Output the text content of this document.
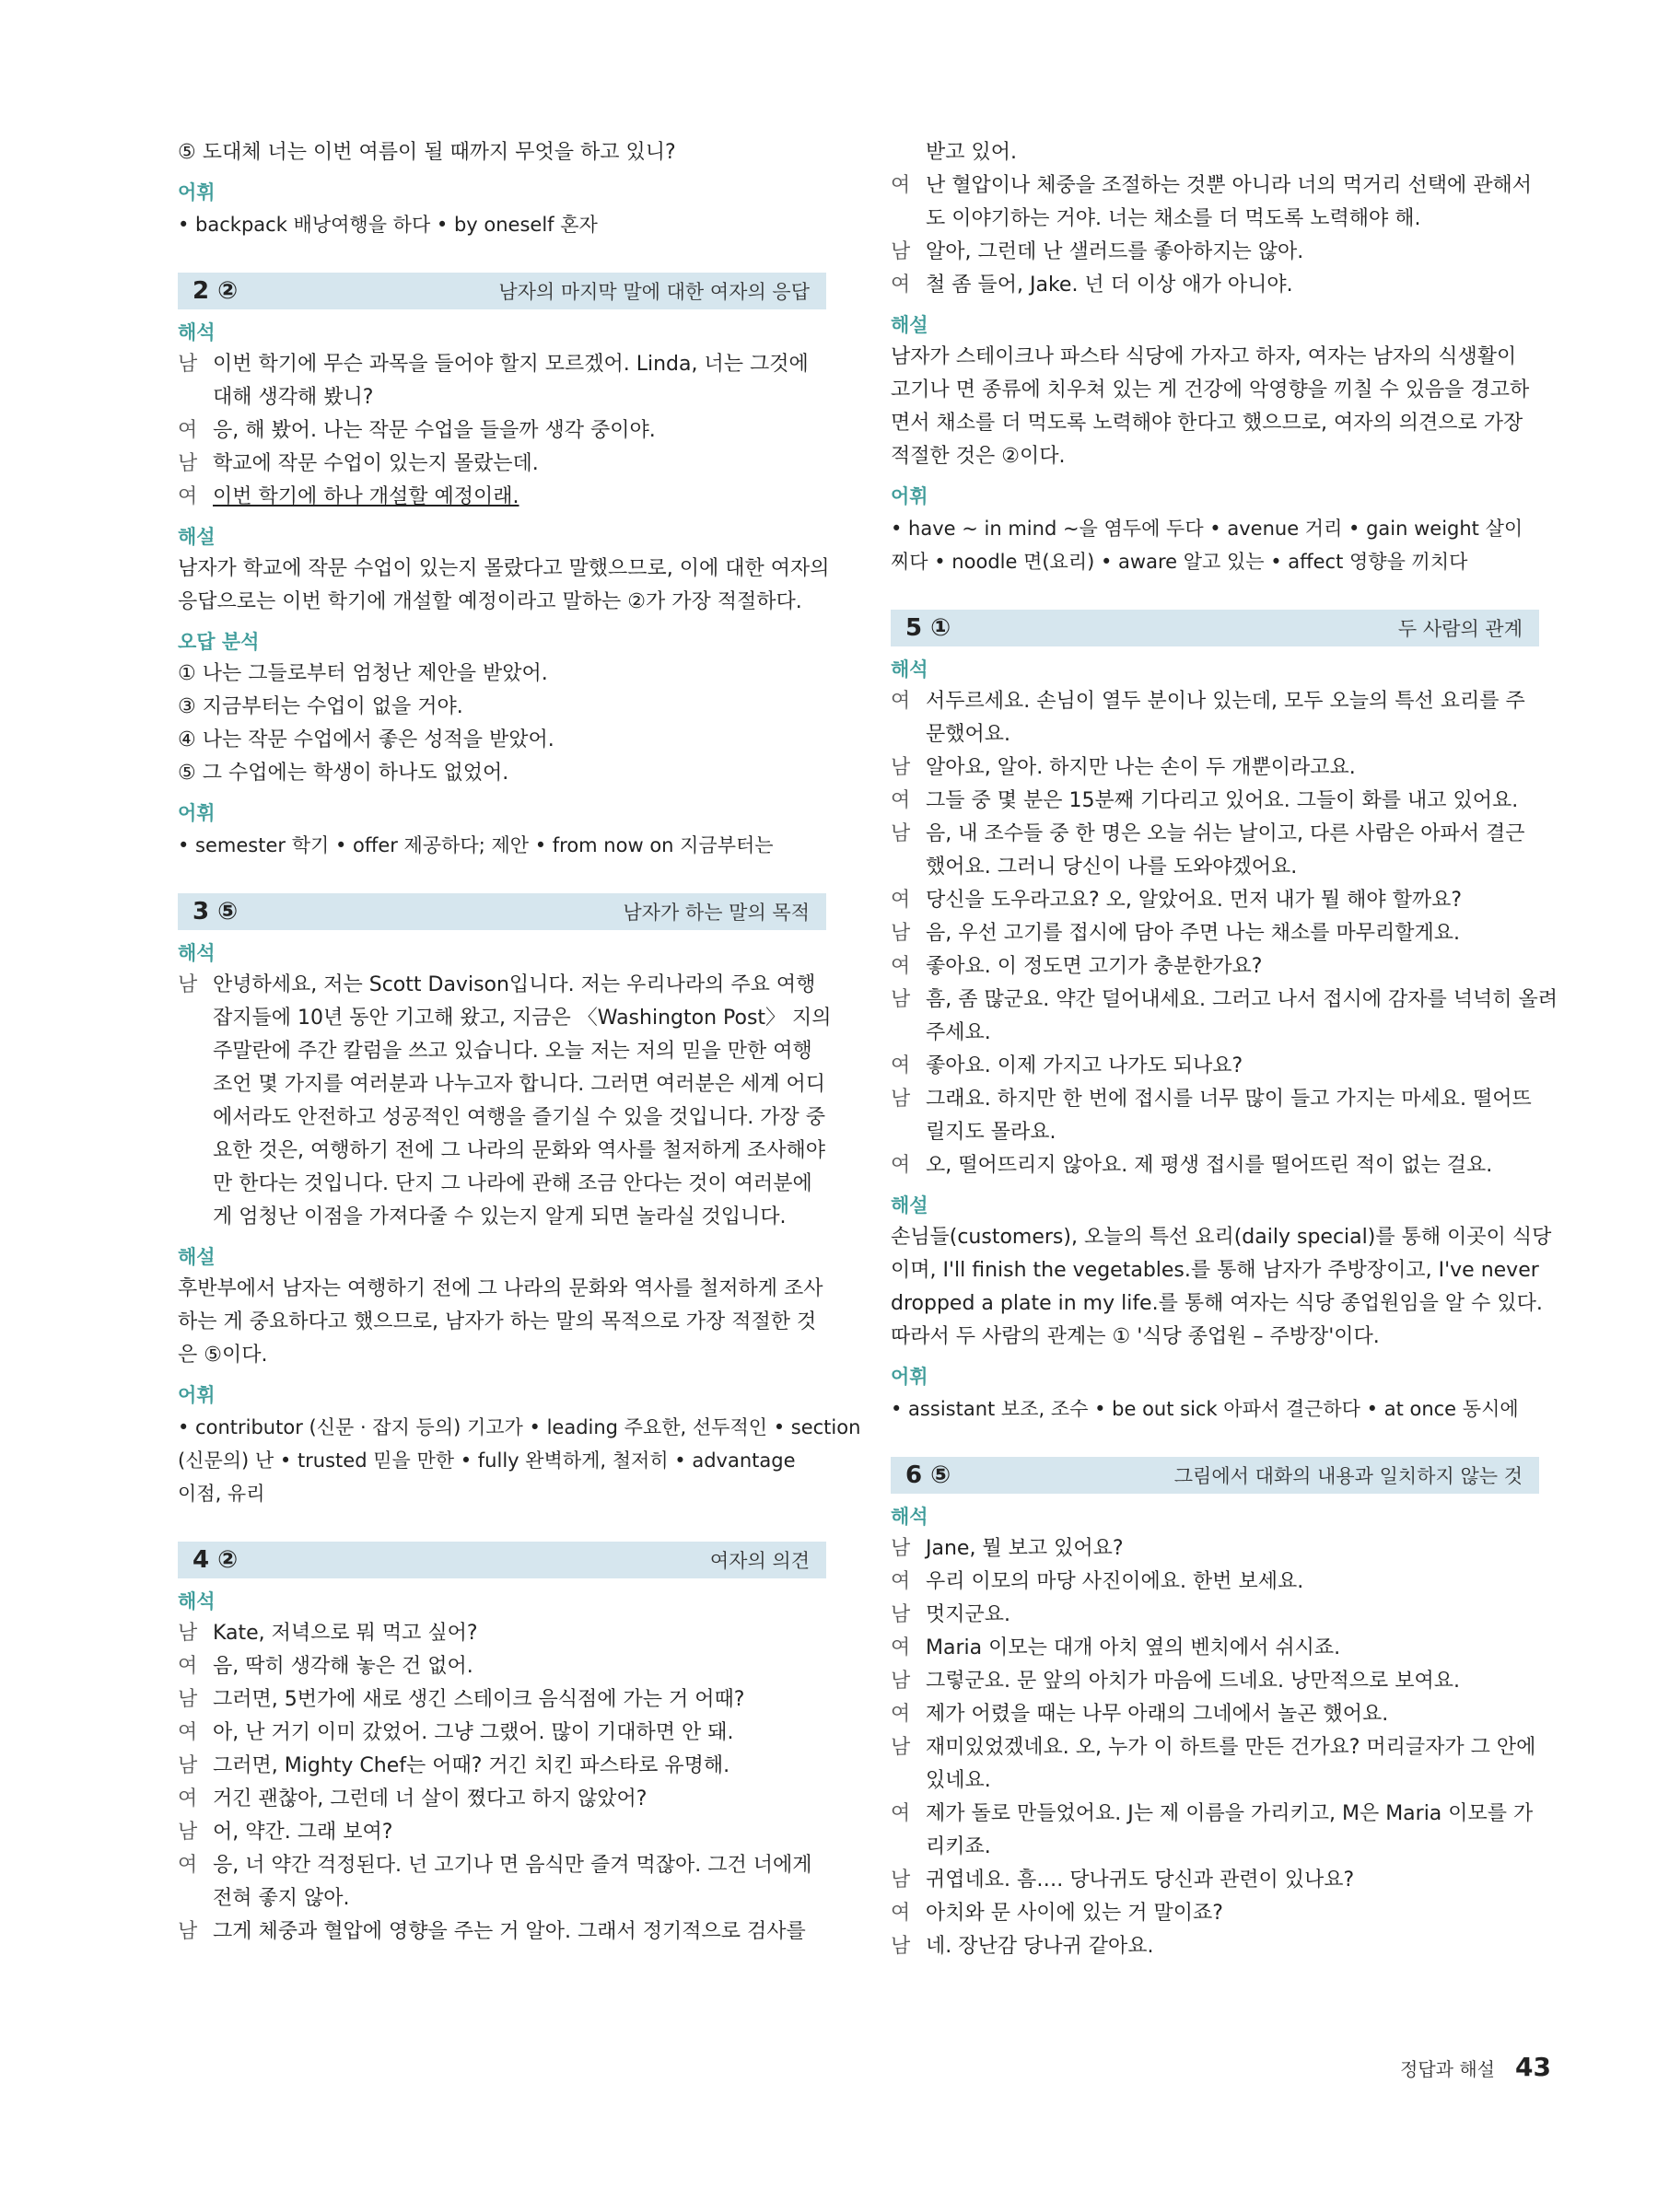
⑤ 도대체 너는 이번 여름이 될 때까지 무엇을 하고 있니?
어휘
• backpack 배낭여행을 하다 • by oneself 혼자
2 ②	남자의 마지막 말에 대한 여자의 응답
해석
남 이번 학기에 무슨 과목을 들어야 할지 모르겠어. Linda, 너는 그것에
대해 생각해 봤니?
여 응, 해 봤어. 나는 작문 수업을 들을까 생각 중이야.
남 학교에 작문 수업이 있는지 몰랐는데.
여 이번 학기에 하나 개설할 예정이래.
해설
남자가 학교에 작문 수업이 있는지 몰랐다고 말했으므로, 이에 대한 여자의
응답으로는 이번 학기에 개설할 예정이라고 말하는 ②가 가장 적절하다.
오답 분석
① 나는 그들로부터 엄청난 제안을 받았어.
③ 지금부터는 수업이 없을 거야.
④ 나는 작문 수업에서 좋은 성적을 받았어.
⑤ 그 수업에는 학생이 하나도 없었어.
어휘
• semester 학기 • offer 제공하다; 제안 • from now on 지금부터는
3 ⑤	남자가 하는 말의 목적
해석
남 안녕하세요, 저는 Scott Davison입니다. 저는 우리나라의 주요 여행
잡지들에 10년 동안 기고해 왔고, 지금은 〈Washington Post〉 지의
주말란에 주간 칼럼을 쓰고 있습니다. 오늘 저는 저의 믿을 만한 여행
조언 몇 가지를 여러분과 나누고자 합니다. 그러면 여러분은 세계 어디
에서라도 안전하고 성공적인 여행을 즐기실 수 있을 것입니다. 가장 중
요한 것은, 여행하기 전에 그 나라의 문화와 역사를 철저하게 조사해야
만 한다는 것입니다. 단지 그 나라에 관해 조금 안다는 것이 여러분에
게 엄청난 이점을 가져다줄 수 있는지 알게 되면 놀라실 것입니다.
해설
후반부에서 남자는 여행하기 전에 그 나라의 문화와 역사를 철저하게 조사
하는 게 중요하다고 했으므로, 남자가 하는 말의 목적으로 가장 적절한 것
은 ⑤이다.
어휘
• contributor (신문 · 잡지 등의) 기고가 • leading 주요한, 선두적인 • section
(신문의) 난 • trusted 믿을 만한 • fully 완벽하게, 철저히 • advantage
이점, 유리
4 ②	여자의 의견
해석
남 Kate, 저녁으로 뭐 먹고 싶어?
여 음, 딱히 생각해 놓은 건 없어.
남 그러면, 5번가에 새로 생긴 스테이크 음식점에 가는 거 어때?
여 아, 난 거기 이미 갔었어. 그냥 그랬어. 많이 기대하면 안 돼.
남 그러면, Mighty Chef는 어때? 거긴 치킨 파스타로 유명해.
여 거긴 괜찮아, 그런데 너 살이 쪘다고 하지 않았어?
남 어, 약간. 그래 보여?
여 응, 너 약간 걱정된다. 넌 고기나 면 음식만 즐겨 먹잖아. 그건 너에게
전혀 좋지 않아.
남 그게 체중과 혈압에 영향을 주는 거 알아. 그래서 정기적으로 검사를
받고 있어.
여 난 혈압이나 체중을 조절하는 것뿐 아니라 너의 먹거리 선택에 관해서
도 이야기하는 거야. 너는 채소를 더 먹도록 노력해야 해.
남 알아, 그런데 난 샐러드를 좋아하지는 않아.
여 철 좀 들어, Jake. 넌 더 이상 애가 아니야.
해설
남자가 스테이크나 파스타 식당에 가자고 하자, 여자는 남자의 식생활이
고기나 면 종류에 치우쳐 있는 게 건강에 악영향을 끼칠 수 있음을 경고하
면서 채소를 더 먹도록 노력해야 한다고 했으므로, 여자의 의견으로 가장
적절한 것은 ②이다.
어휘
• have ~ in mind ~을 염두에 두다 • avenue 거리 • gain weight 살이
찌다 • noodle 면(요리) • aware 알고 있는 • affect 영향을 끼치다
5 ①	두 사람의 관계
해석
여 서두르세요. 손님이 열두 분이나 있는데, 모두 오늘의 특선 요리를 주
문했어요.
남 알아요, 알아. 하지만 나는 손이 두 개뿐이라고요.
여 그들 중 몇 분은 15분째 기다리고 있어요. 그들이 화를 내고 있어요.
남 음, 내 조수들 중 한 명은 오늘 쉬는 날이고, 다른 사람은 아파서 결근
했어요. 그러니 당신이 나를 도와야겠어요.
여 당신을 도우라고요? 오, 알았어요. 먼저 내가 뭘 해야 할까요?
남 음, 우선 고기를 접시에 담아 주면 나는 채소를 마무리할게요.
여 좋아요. 이 정도면 고기가 충분한가요?
남 흠, 좀 많군요. 약간 덜어내세요. 그러고 나서 접시에 감자를 넉넉히 올려
주세요.
여 좋아요. 이제 가지고 나가도 되나요?
남 그래요. 하지만 한 번에 접시를 너무 많이 들고 가지는 마세요. 떨어뜨
릴지도 몰라요.
여 오, 떨어뜨리지 않아요. 제 평생 접시를 떨어뜨린 적이 없는 걸요.
해설
손님들(customers), 오늘의 특선 요리(daily special)를 통해 이곳이 식당
이며, I'll finish the vegetables.를 통해 남자가 주방장이고, I've never
dropped a plate in my life.를 통해 여자는 식당 종업원임을 알 수 있다.
따라서 두 사람의 관계는 ① '식당 종업원 – 주방장'이다.
어휘
• assistant 보조, 조수 • be out sick 아파서 결근하다 • at once 동시에
6 ⑤	그림에서 대화의 내용과 일치하지 않는 것
해석
남 Jane, 뭘 보고 있어요?
여 우리 이모의 마당 사진이에요. 한번 보세요.
남 멋지군요.
여 Maria 이모는 대개 아치 옆의 벤치에서 쉬시죠.
남 그렇군요. 문 앞의 아치가 마음에 드네요. 낭만적으로 보여요.
여 제가 어렸을 때는 나무 아래의 그네에서 놀곤 했어요.
남 재미있었겠네요. 오, 누가 이 하트를 만든 건가요? 머리글자가 그 안에
있네요.
여 제가 돌로 만들었어요. J는 제 이름을 가리키고, M은 Maria 이모를 가
리키죠.
남 귀엽네요. 흠…. 당나귀도 당신과 관련이 있나요?
여 아치와 문 사이에 있는 거 말이죠?
남 네. 장난감 당나귀 같아요.
정답과 해설 43
